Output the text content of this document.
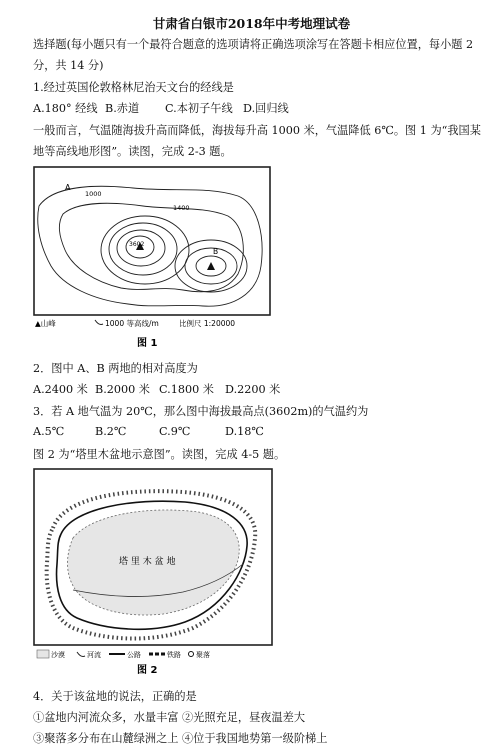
甘肃省白银市2018年中考地理试卷
选择题(每小题只有一个最符合题意的选项请将正确选项涂写在答题卡相应位置，每小题 2
分，共 14 分)
1.经过英国伦敦格林尼治天文台的经线是
A.180° 经线 B.赤道 C.本初子午线 D.回归线
一般而言，气温随海拔升高而降低，海拔每升高 1000 米，气温降低 6℃。图 1 为“我国某
地等高线地形图”。读图，完成 2-3 题。
A
1000
1400
3602
B
▲山峰	1000 等高线/m	比例尺 1:20000
图 1
2．图中 A、B 两地的相对高度为
A.2400 米 B.2000 米 C.1800 米 D.2200 米
3．若 A 地气温为 20℃，那么图中海拔最高点(3602m)的气温约为
A.5℃	B.2℃	C.9℃	D.18℃
图 2 为“塔里木盆地示意图”。读图，完成 4-5 题。
塔 里 木 盆 地
沙漠	河流	公路	铁路 聚落
图 2
4．关于该盆地的说法，正确的是
①盆地内河流众多，水量丰富 ②光照充足，昼夜温差大
③聚落多分布在山麓绿洲之上 ④位于我国地势第一级阶梯上
